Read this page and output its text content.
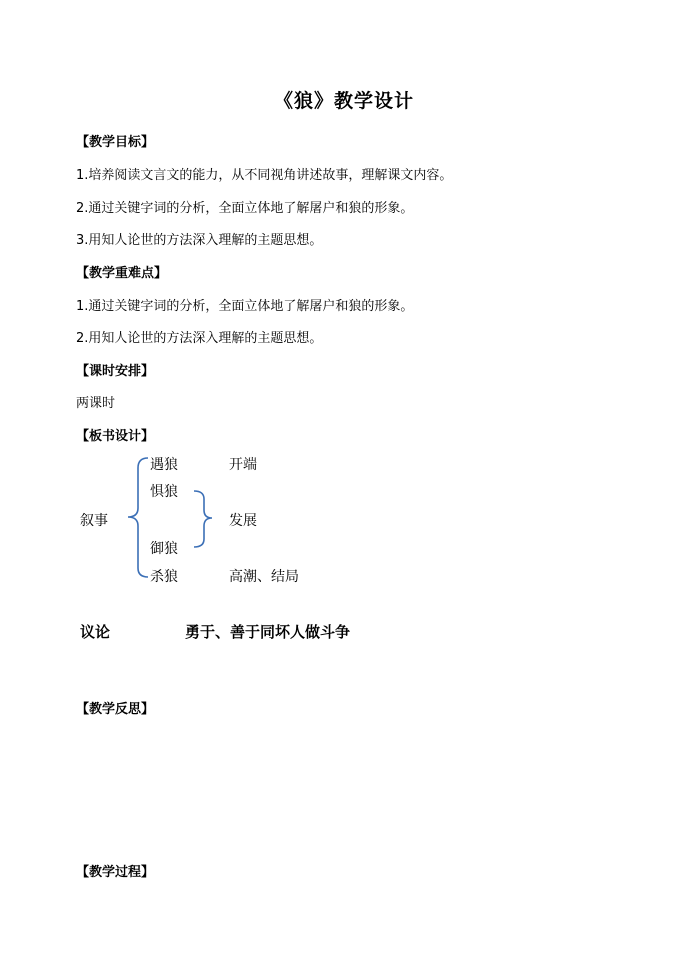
《狼》教学设计
【教学目标】
1.培养阅读文言文的能力，从不同视角讲述故事，理解课文内容。
2.通过关键字词的分析，全面立体地了解屠户和狼的形象。
3.用知人论世的方法深入理解的主题思想。
【教学重难点】
1.通过关键字词的分析，全面立体地了解屠户和狼的形象。
2.用知人论世的方法深入理解的主题思想。
【课时安排】
两课时
【板书设计】
叙事
遇狼
惧狼
御狼
杀狼
开端
发展
高潮、结局
议论	勇于、善于同坏人做斗争
【教学反思】
【教学过程】
